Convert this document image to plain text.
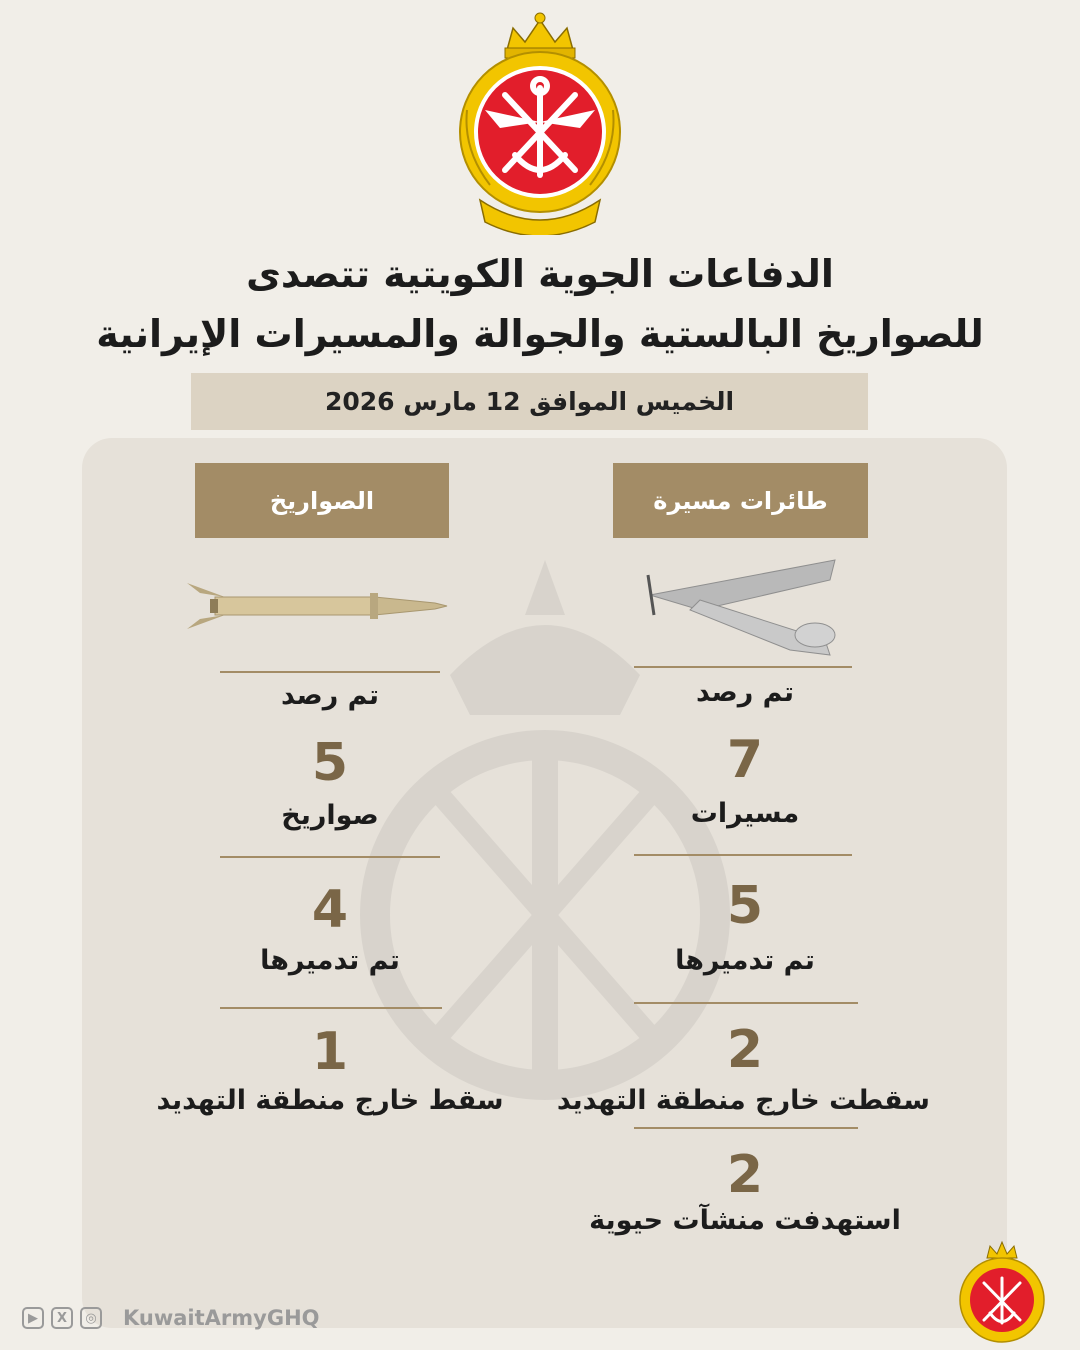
الدفاعات الجوية الكويتية تتصدى
للصواريخ البالستية والجوالة والمسيرات الإيرانية
الخميس الموافق 12 مارس 2026
الصواريخ	طائرات مسيرة
تم رصد
5
صواريخ
4
تم تدميرها
1
سقط خارج منطقة التهديد
تم رصد
7
مسيرات
5
تم تدميرها
2
سقطت خارج منطقة التهديد
2
استهدفت منشآت حيوية
▶	X	◎ KuwaitArmyGHQ
